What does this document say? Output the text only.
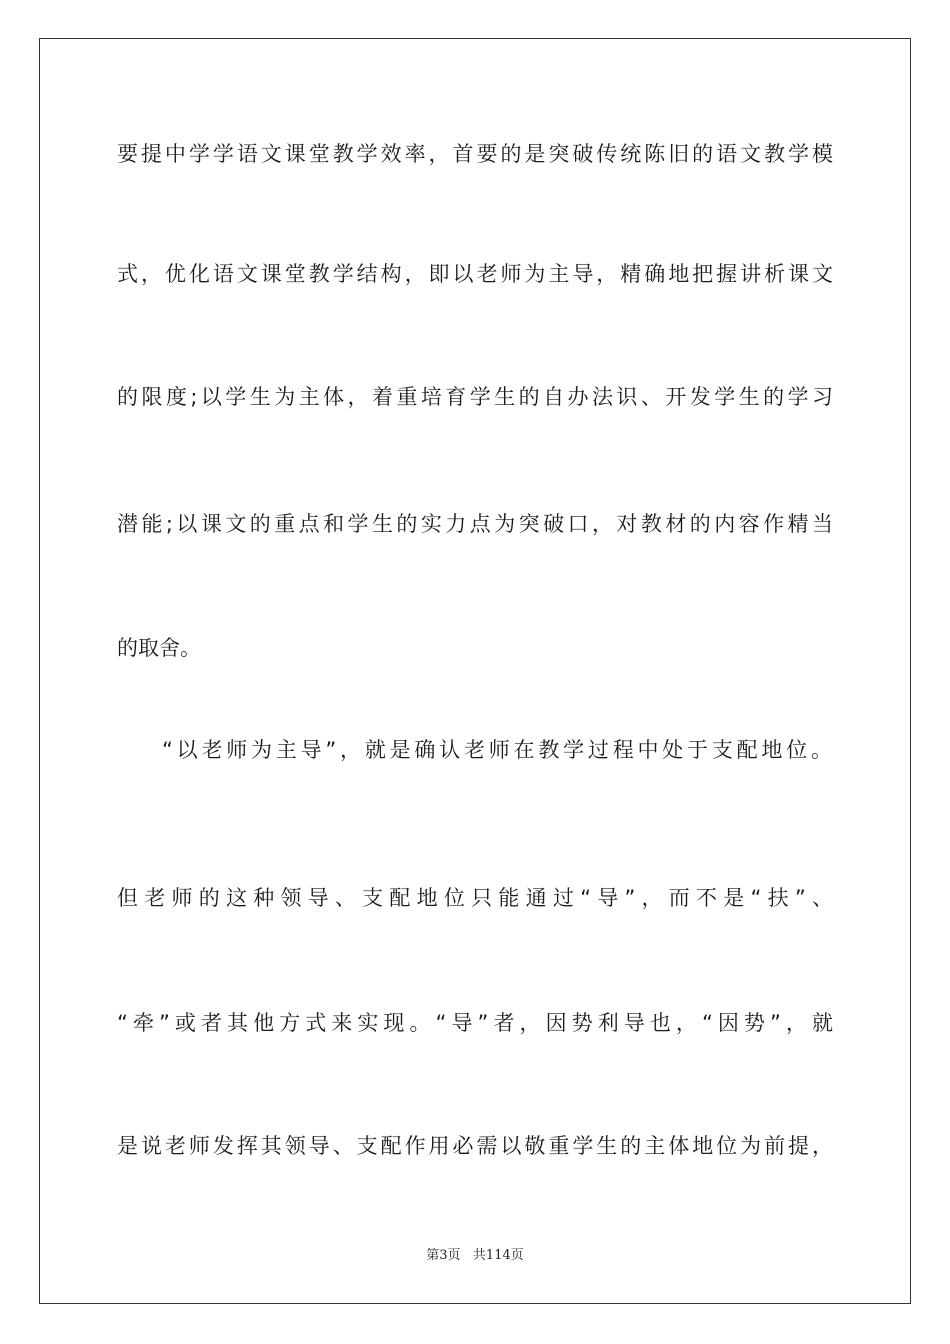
要提中学学语文课堂教学效率，首要的是突破传统陈旧的语文教学模
式，优化语文课堂教学结构，即以老师为主导，精确地把握讲析课文
的限度;以学生为主体，着重培育学生的自办法识、开发学生的学习
潜能;以课文的重点和学生的实力点为突破口，对教材的内容作精当
的取舍。
“以老师为主导”，就是确认老师在教学过程中处于支配地位。
但老师的这种领导、支配地位只能通过“导”，而不是“扶”、
“牵”或者其他方式来实现。“导”者，因势利导也，“因势”，就
是说老师发挥其领导、支配作用必需以敬重学生的主体地位为前提，
第3页 共114页
